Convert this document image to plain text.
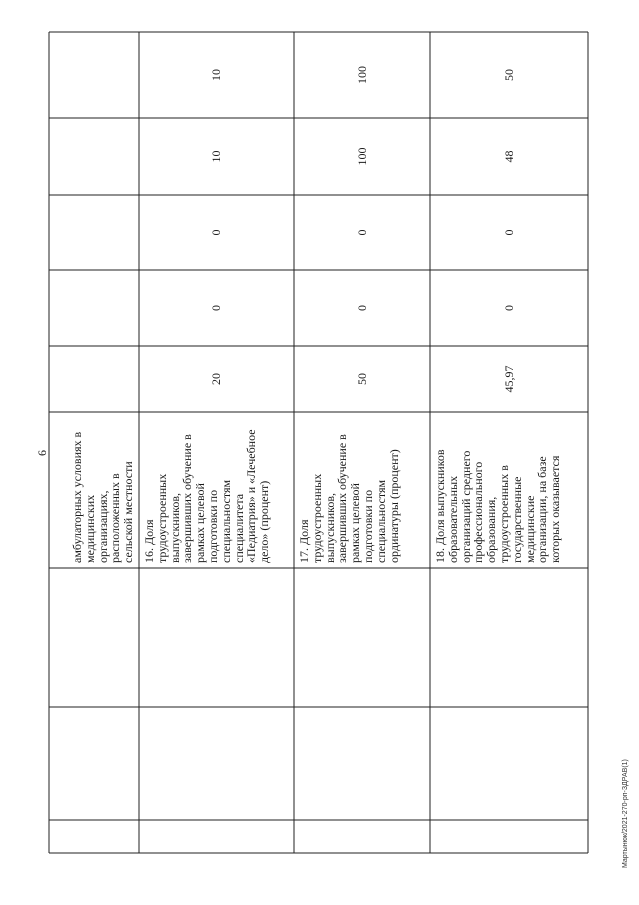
6
Мартынюк/2021-270-рп-ЗДРАВ(1)
амбулаторных условиях в
медицинских
организациях,
расположенных в
сельской местности 16. Доля
трудоустроенных
выпускников,
завершивших обучение в
рамках целевой
подготовки по
специальностям
специалитета
«Педиатрия» и «Лечебное
дело» (процент)
20
0
0
10
10
17. Доля
трудоустроенных
выпускников,
завершивших обучение в
рамках целевой
подготовки по
специальностям
ординатуры (процент)
50
0
0
100
100
18. Доля выпускников
образовательных
организаций среднего
профессионального
образования,
трудоустроенных в
государственные
медицинские
организации, на базе
которых оказывается
45,97
0
0
48
50
